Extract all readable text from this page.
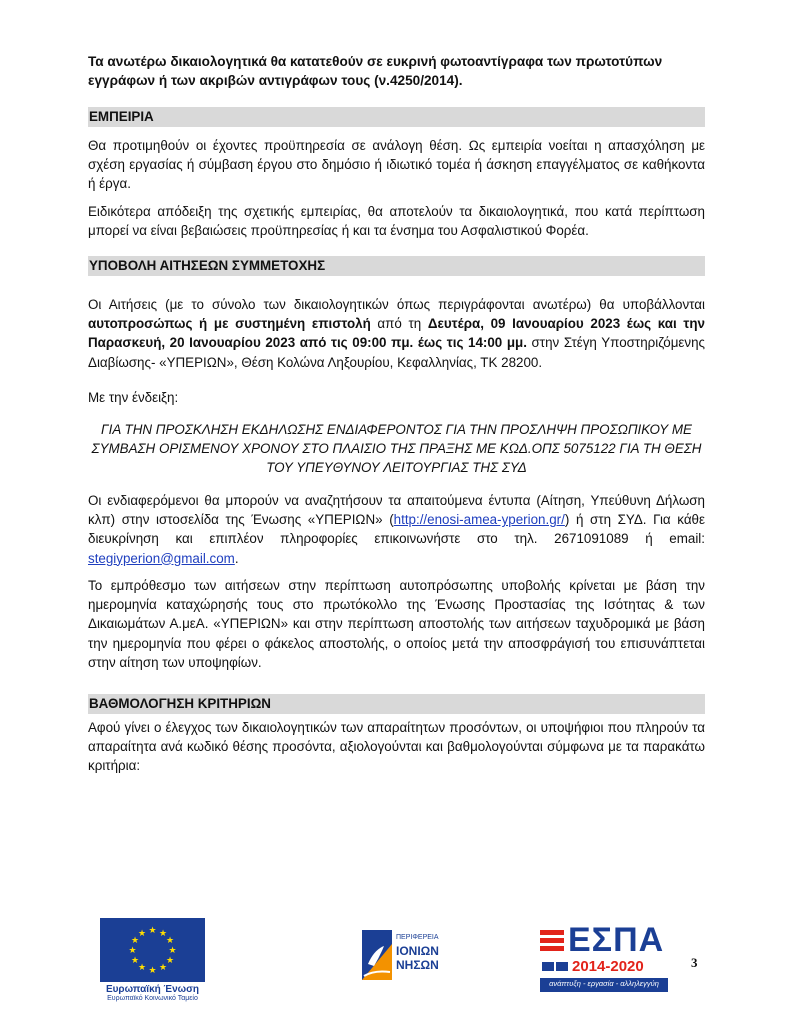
Τα ανωτέρω δικαιολογητικά θα κατατεθούν σε ευκρινή φωτοαντίγραφα των πρωτοτύπων εγγράφων ή των ακριβών αντιγράφων τους (ν.4250/2014).

ΕΜΠΕΙΡΙΑ

Θα προτιμηθούν οι έχοντες προϋπηρεσία σε ανάλογη θέση. Ως εμπειρία νοείται η απασχόληση με σχέση εργασίας ή σύμβαση έργου στο δημόσιο ή ιδιωτικό τομέα ή άσκηση επαγγέλματος σε καθήκοντα ή έργα.

Ειδικότερα απόδειξη της σχετικής εμπειρίας, θα αποτελούν τα δικαιολογητικά, που κατά περίπτωση μπορεί να είναι βεβαιώσεις προϋπηρεσίας ή και τα ένσημα του Ασφαλιστικού Φορέα.

ΥΠΟΒΟΛΗ ΑΙΤΗΣΕΩΝ ΣΥΜΜΕΤΟΧΗΣ

Οι Αιτήσεις (με το σύνολο των δικαιολογητικών όπως περιγράφονται ανωτέρω) θα υποβάλλονται αυτοπροσώπως ή με συστημένη επιστολή από τη Δευτέρα, 09 Ιανουαρίου 2023 έως και την Παρασκευή, 20 Ιανουαρίου 2023 από τις 09:00 πμ. έως τις 14:00 μμ. στην Στέγη Υποστηριζόμενης Διαβίωσης- «ΥΠΕΡΙΩΝ», Θέση Κολώνα Ληξουρίου, Κεφαλληνίας, ΤΚ 28200.

Με την ένδειξη:

ΓΙΑ ΤΗΝ ΠΡΟΣΚΛΗΣΗ ΕΚΔΗΛΩΣΗΣ ΕΝΔΙΑΦΕΡΟΝΤΟΣ ΓΙΑ ΤΗΝ ΠΡΟΣΛΗΨΗ ΠΡΟΣΩΠΙΚΟΥ ΜΕ

ΣΥΜΒΑΣΗ ΟΡΙΣΜΕΝΟΥ ΧΡΟΝΟΥ ΣΤΟ ΠΛΑΙΣΙΟ ΤΗΣ ΠΡΑΞΗΣ ΜΕ ΚΩΔ.ΟΠΣ 5075122 ΓΙΑ ΤΗ ΘΕΣΗ

ΤΟΥ ΥΠΕΥΘΥΝΟΥ ΛΕΙΤΟΥΡΓΙΑΣ ΤΗΣ ΣΥΔ

Οι ενδιαφερόμενοι θα μπορούν να αναζητήσουν τα απαιτούμενα έντυπα (Αίτηση, Υπεύθυνη Δήλωση κλπ) στην ιστοσελίδα της Ένωσης «ΥΠΕΡΙΩΝ» (http://enosi-amea-yperion.gr/) ή στη ΣΥΔ. Για κάθε διευκρίνηση και επιπλέον πληροφορίες επικοινωνήστε στο τηλ. 2671091089 ή email: stegiyperion@gmail.com.

Το εμπρόθεσμο των αιτήσεων στην περίπτωση αυτοπρόσωπης υποβολής κρίνεται με βάση την ημερομηνία καταχώρησής τους στο πρωτόκολλο της Ένωσης Προστασίας της Ισότητας & των Δικαιωμάτων Α.μεΑ. «ΥΠΕΡΙΩΝ» και στην περίπτωση αποστολής των αιτήσεων ταχυδρομικά με βάση την ημερομηνία που φέρει ο φάκελος αποστολής, ο οποίος μετά την αποσφράγισή του επισυνάπτεται στην αίτηση των υποψηφίων.

ΒΑΘΜΟΛΟΓΗΣΗ ΚΡΙΤΗΡΙΩΝ

Αφού γίνει ο έλεγχος των δικαιολογητικών των απαραίτητων προσόντων, οι υποψήφιοι που πληρούν τα απαραίτητα ανά κωδικό θέσης προσόντα, αξιολογούνται και βαθμολογούνται σύμφωνα με τα παρακάτω κριτήρια:

★ ★
★
★
★
★
★
★
★
★
★
★
Ευρωπαϊκή Ένωση
Ευρωπαϊκό Κοινωνικό Ταμείο
ΠΕΡΙΦΕΡΕΙΑ
ΙΟΝΙΩΝ
ΝΗΣΩΝ
ΕΣΠΑ
2014-2020
ανάπτυξη - εργασία - αλληλεγγύη
3
